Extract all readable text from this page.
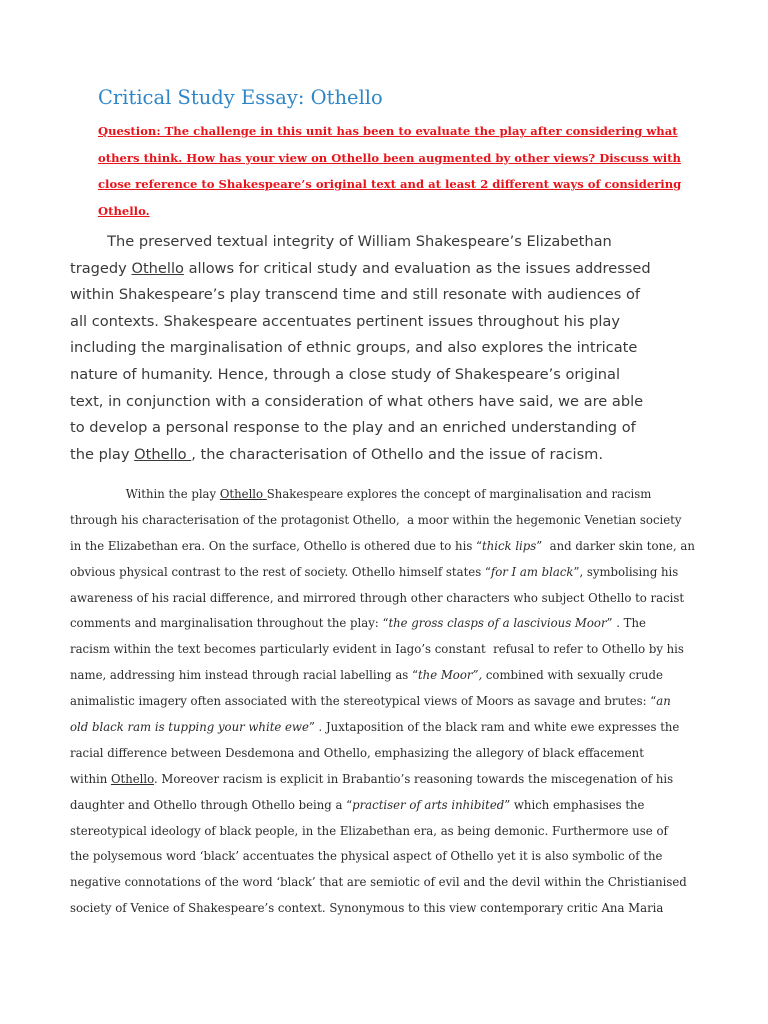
Critical Study Essay: Othello
Question: The challenge in this unit has been to evaluate the play after considering what
others think. How has your view on Othello been augmented by other views? Discuss with
close reference to Shakespeare’s original text and at least 2 different ways of considering
Othello.
The preserved textual integrity of William Shakespeare’s Elizabethan
tragedy Othello allows for critical study and evaluation as the issues addressed
within Shakespeare’s play transcend time and still resonate with audiences of
all contexts. Shakespeare accentuates pertinent issues throughout his play
including the marginalisation of ethnic groups, and also explores the intricate
nature of humanity. Hence, through a close study of Shakespeare’s original
text, in conjunction with a consideration of what others have said, we are able
to develop a personal response to the play and an enriched understanding of
the play Othello , the characterisation of Othello and the issue of racism.
Within the play Othello Shakespeare explores the concept of marginalisation and racism
through his characterisation of the protagonist Othello,  a moor within the hegemonic Venetian society
in the Elizabethan era. On the surface, Othello is othered due to his “thick lips”  and darker skin tone, an
obvious physical contrast to the rest of society. Othello himself states “for I am black”, symbolising his
awareness of his racial difference, and mirrored through other characters who subject Othello to racist
comments and marginalisation throughout the play: “the gross clasps of a lascivious Moor” . The
racism within the text becomes particularly evident in Iago’s constant  refusal to refer to Othello by his
name, addressing him instead through racial labelling as “the Moor”, combined with sexually crude
animalistic imagery often associated with the stereotypical views of Moors as savage and brutes: “an
old black ram is tupping your white ewe” . Juxtaposition of the black ram and white ewe expresses the
racial difference between Desdemona and Othello, emphasizing the allegory of black effacement
within Othello. Moreover racism is explicit in Brabantio’s reasoning towards the miscegenation of his
daughter and Othello through Othello being a “practiser of arts inhibited” which emphasises the
stereotypical ideology of black people, in the Elizabethan era, as being demonic. Furthermore use of
the polysemous word ‘black’ accentuates the physical aspect of Othello yet it is also symbolic of the
negative connotations of the word ‘black’ that are semiotic of evil and the devil within the Christianised
society of Venice of Shakespeare’s context. Synonymous to this view contemporary critic Ana Maria
